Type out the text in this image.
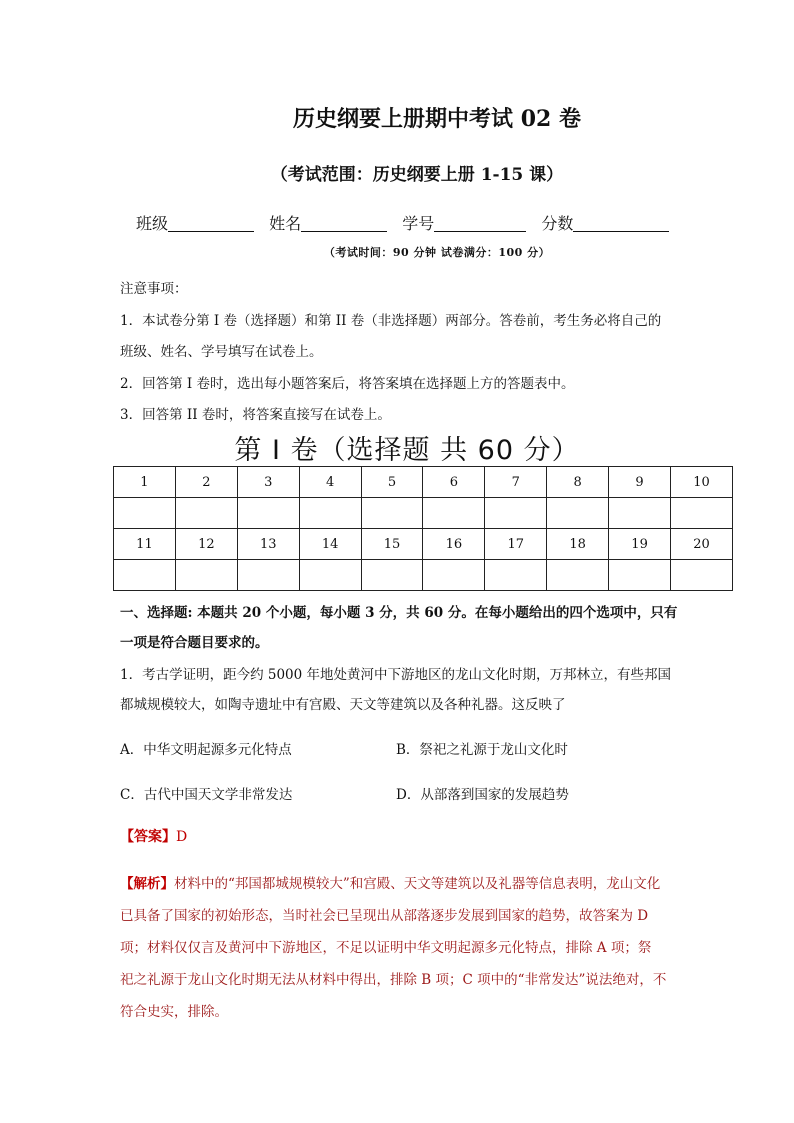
历史纲要上册期中考试 02 卷
（考试范围：历史纲要上册 1-15 课）
班级	姓名	学号	分数
（考试时间：90 分钟 试卷满分：100 分）

注意事项：

1．本试卷分第 I 卷（选择题）和第 II 卷（非选择题）两部分。答卷前，考生务必将自己的

班级、姓名、学号填写在试卷上。

2．回答第 I 卷时，选出每小题答案后，将答案填在选择题上方的答题表中。

3．回答第 II 卷时，将答案直接写在试卷上。

第 I 卷（选择题 共 60 分）
1	2	3	4	5	6	7	8	9	10

11	12	13	14	15	16	17	18	19	20

一、选择题: 本题共 20 个小题，每小题 3 分，共 60 分。在每小题给出的四个选项中，只有

一项是符合题目要求的。

1．考古学证明，距今约 5000 年地处黄河中下游地区的龙山文化时期，万邦林立，有些邦国

都城规模较大，如陶寺遗址中有宫殿、天文等建筑以及各种礼器。这反映了

A．中华文明起源多元化特点	B．祭祀之礼源于龙山文化时
C．古代中国天文学非常发达	D．从部落到国家的发展趋势
【答案】D

【解析】材料中的“邦国都城规模较大”和宫殿、天文等建筑以及礼器等信息表明，龙山文化

已具备了国家的初始形态，当时社会已呈现出从部落逐步发展到国家的趋势，故答案为 D

项；材料仅仅言及黄河中下游地区，不足以证明中华文明起源多元化特点，排除 A 项；祭

祀之礼源于龙山文化时期无法从材料中得出，排除 B 项；C 项中的“非常发达”说法绝对，不

符合史实，排除。
